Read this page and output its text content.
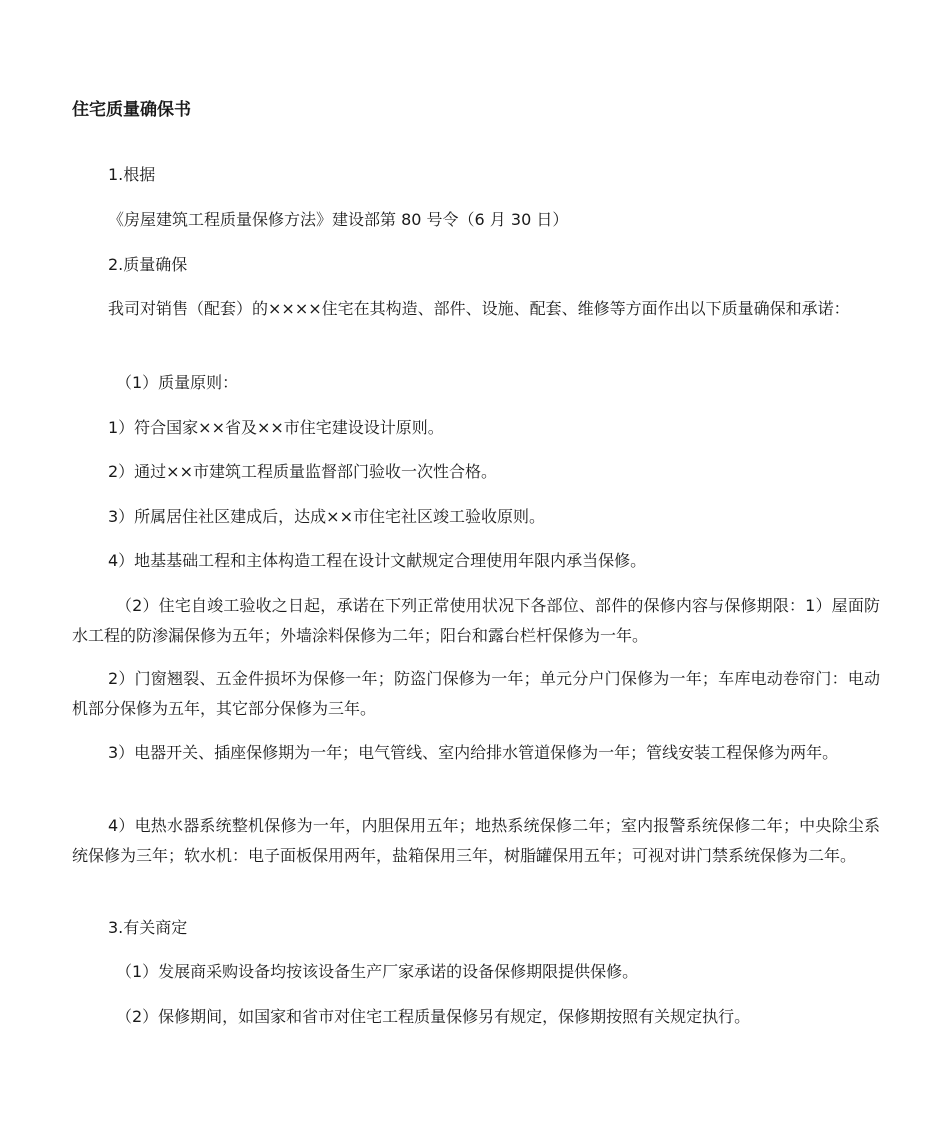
住宅质量确保书
1.根据
《房屋建筑工程质量保修方法》建设部第 80 号令（6 月 30 日）
2.质量确保
我司对销售（配套）的××××住宅在其构造、部件、设施、配套、维修等方面作出以下质量确保和承诺：
（1）质量原则：
1）符合国家××省及××市住宅建设设计原则。
2）通过××市建筑工程质量监督部门验收一次性合格。
3）所属居住社区建成后，达成××市住宅社区竣工验收原则。
4）地基基础工程和主体构造工程在设计文献规定合理使用年限内承当保修。
（2）住宅自竣工验收之日起，承诺在下列正常使用状况下各部位、部件的保修内容与保修期限：1）屋面防水工程的防渗漏保修为五年；外墙涂料保修为二年；阳台和露台栏杆保修为一年。
2）门窗翘裂、五金件损坏为保修一年；防盗门保修为一年；单元分户门保修为一年；车库电动卷帘门：电动机部分保修为五年，其它部分保修为三年。
3）电器开关、插座保修期为一年；电气管线、室内给排水管道保修为一年；管线安装工程保修为两年。
4）电热水器系统整机保修为一年，内胆保用五年；地热系统保修二年；室内报警系统保修二年；中央除尘系统保修为三年；软水机：电子面板保用两年，盐箱保用三年，树脂罐保用五年；可视对讲门禁系统保修为二年。
3.有关商定
（1）发展商采购设备均按该设备生产厂家承诺的设备保修期限提供保修。
（2）保修期间，如国家和省市对住宅工程质量保修另有规定，保修期按照有关规定执行。
